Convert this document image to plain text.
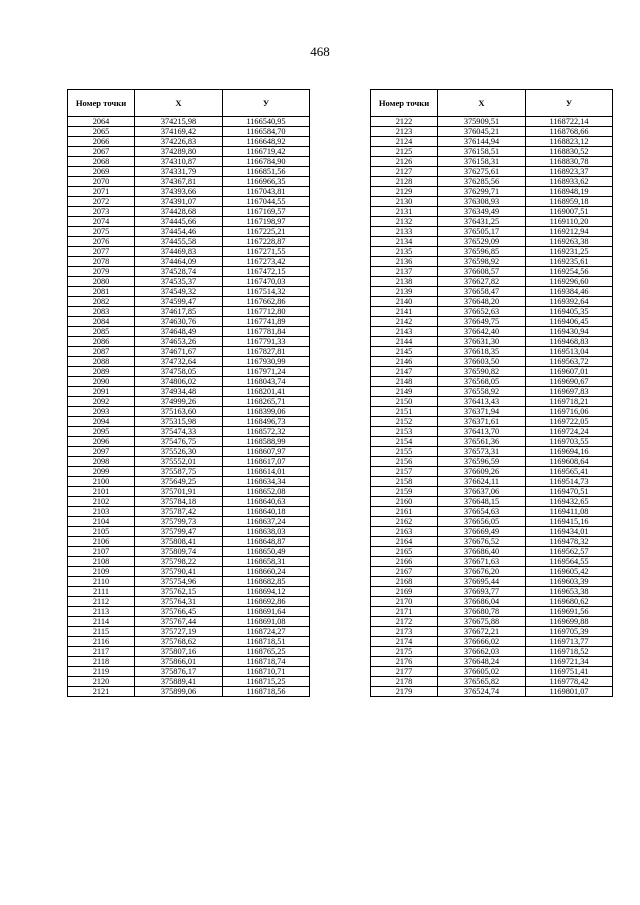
468
Номер точки	Х	У
2064	374215,98	1166540,95
2065	374169,42	1166584,70
2066	374226,83	1166648,92
2067	374289,80	1166719,42
2068	374310,87	1166784,90
2069	374331,79	1166851,56
2070	374367,81	1166966,35
2071	374393,66	1167043,81
2072	374391,07	1167044,55
2073	374428,68	1167169,57
2074	374445,66	1167198,97
2075	374454,46	1167225,21
2076	374455,58	1167228,87
2077	374469,83	1167271,55
2078	374464,09	1167273,42
2079	374528,74	1167472,15
2080	374535,37	1167470,03
2081	374549,32	1167514,32
2082	374599,47	1167662,86
2083	374617,85	1167712,80
2084	374630,76	1167741,89
2085	374648,49	1167781,84
2086	374653,26	1167791,33
2087	374671,67	1167827,81
2088	374732,64	1167930,99
2089	374758,05	1167971,24
2090	374806,02	1168043,74
2091	374934,48	1168201,41
2092	374999,26	1168265,71
2093	375163,60	1168399,06
2094	375315,98	1168496,73
2095	375474,33	1168572,32
2096	375476,75	1168588,99
2097	375526,30	1168607,97
2098	375552,01	1168617,07
2099	375587,75	1168614,01
2100	375649,25	1168634,34
2101	375701,91	1168652,08
2102	375784,18	1168640,63
2103	375787,42	1168640,18
2104	375799,73	1168637,24
2105	375799,47	1168638,03
2106	375808,41	1168648,87
2107	375809,74	1168650,49
2108	375798,22	1168658,31
2109	375790,41	1168660,24
2110	375754,96	1168682,85
2111	375762,15	1168694,12
2112	375764,31	1168692,86
2113	375766,45	1168691,64
2114	375767,44	1168691,08
2115	375727,19	1168724,27
2116	375768,62	1168718,51
2117	375807,16	1168765,25
2118	375866,01	1168718,74
2119	375876,17	1168710,71
2120	375889,41	1168715,25
2121	375899,06	1168718,56
Номер точки	Х	У
2122	375909,51	1168722,14
2123	376045,21	1168768,66
2124	376144,94	1168823,12
2125	376158,51	1168830,52
2126	376158,31	1168830,78
2127	376275,61	1168923,37
2128	376285,56	1168933,62
2129	376299,71	1168948,19
2130	376308,93	1168959,18
2131	376349,49	1169007,51
2132	376431,25	1169110,20
2133	376505,17	1169212,94
2134	376529,09	1169263,38
2135	376596,85	1169231,25
2136	376598,92	1169235,61
2137	376608,57	1169254,56
2138	376627,82	1169296,60
2139	376658,47	1169384,46
2140	376648,20	1169392,64
2141	376652,63	1169405,35
2142	376649,75	1169406,45
2143	376642,40	1169430,94
2144	376631,30	1169468,83
2145	376618,35	1169513,04
2146	376603,50	1169563,72
2147	376590,82	1169607,01
2148	376568,05	1169690,67
2149	376558,92	1169697,83
2150	376413,43	1169718,21
2151	376371,94	1169716,06
2152	376371,61	1169722,05
2153	376413,70	1169724,24
2154	376561,36	1169703,55
2155	376573,31	1169694,16
2156	376596,59	1169608,64
2157	376609,26	1169565,41
2158	376624,11	1169514,73
2159	376637,06	1169470,51
2160	376648,15	1169432,65
2161	376654,63	1169411,08
2162	376656,05	1169415,16
2163	376669,49	1169434,01
2164	376676,52	1169478,32
2165	376686,40	1169562,57
2166	376671,63	1169564,55
2167	376676,20	1169605,42
2168	376695,44	1169603,39
2169	376693,77	1169653,38
2170	376686,04	1169680,62
2171	376680,78	1169691,56
2172	376675,88	1169699,88
2173	376672,21	1169705,39
2174	376666,02	1169713,77
2175	376662,03	1169718,52
2176	376648,24	1169721,34
2177	376605,02	1169751,41
2178	376565,82	1169778,42
2179	376524,74	1169801,07
